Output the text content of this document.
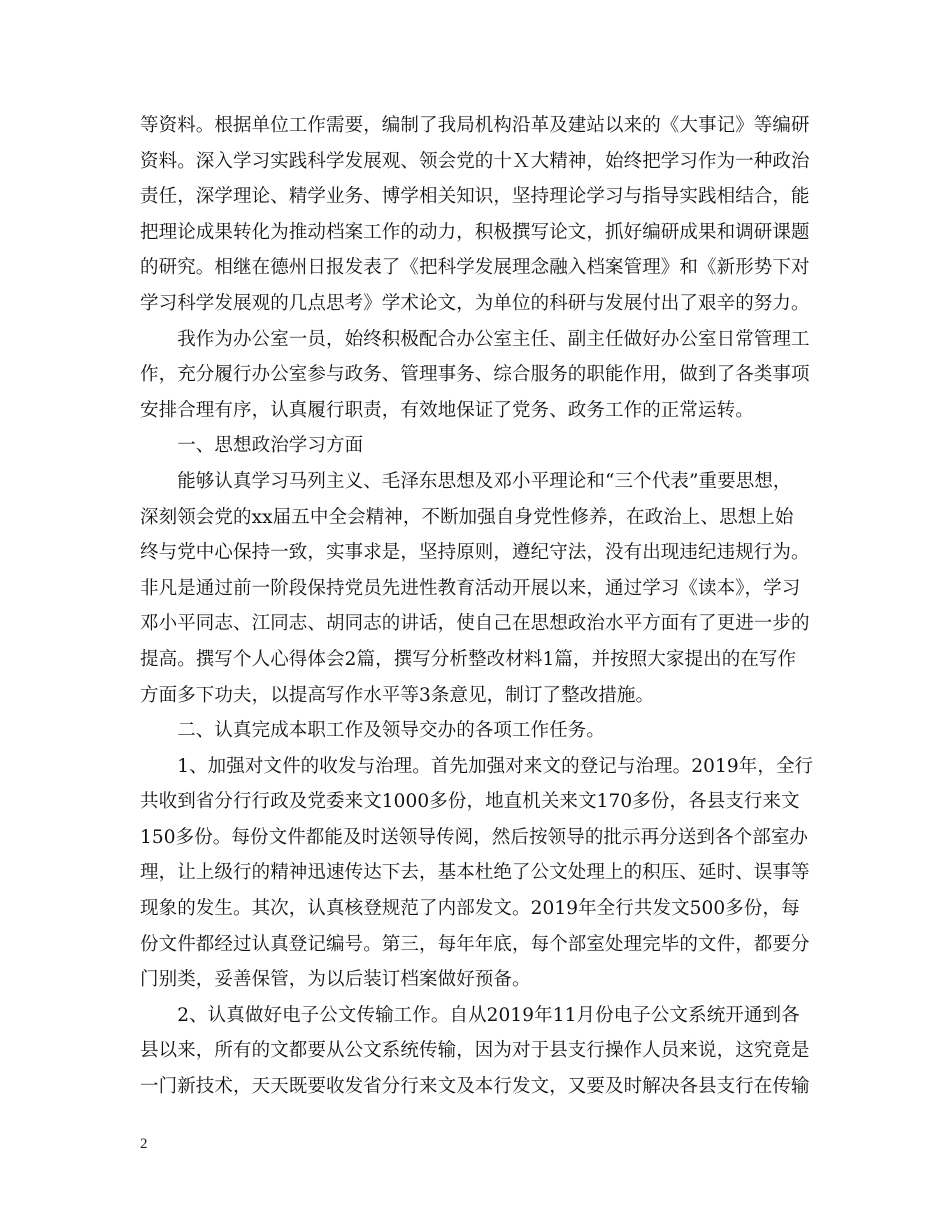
等资料。根据单位工作需要，编制了我局机构沿革及建站以来的《大事记》等编研
资料。深入学习实践科学发展观、领会党的十Ｘ大精神，始终把学习作为一种政治
责任，深学理论、精学业务、博学相关知识，坚持理论学习与指导实践相结合，能
把理论成果转化为推动档案工作的动力，积极撰写论文，抓好编研成果和调研课题
的研究。相继在德州日报发表了《把科学发展理念融入档案管理》和《新形势下对
学习科学发展观的几点思考》学术论文，为单位的科研与发展付出了艰辛的努力。
　　我作为办公室一员，始终积极配合办公室主任、副主任做好办公室日常管理工
作，充分履行办公室参与政务、管理事务、综合服务的职能作用，做到了各类事项
安排合理有序，认真履行职责，有效地保证了党务、政务工作的正常运转。
　　一、思想政治学习方面
　　能够认真学习马列主义、毛泽东思想及邓小平理论和“三个代表”重要思想，
深刻领会党的xx届五中全会精神，不断加强自身党性修养，在政治上、思想上始
终与党中心保持一致，实事求是，坚持原则，遵纪守法，没有出现违纪违规行为。
非凡是通过前一阶段保持党员先进性教育活动开展以来，通过学习《读本》，学习
邓小平同志、江同志、胡同志的讲话，使自己在思想政治水平方面有了更进一步的
提高。撰写个人心得体会2篇，撰写分析整改材料1篇，并按照大家提出的在写作
方面多下功夫，以提高写作水平等3条意见，制订了整改措施。
　　二、认真完成本职工作及领导交办的各项工作任务。
　　1、加强对文件的收发与治理。首先加强对来文的登记与治理。2019年，全行
共收到省分行行政及党委来文1000多份，地直机关来文170多份，各县支行来文
150多份。每份文件都能及时送领导传阅，然后按领导的批示再分送到各个部室办
理，让上级行的精神迅速传达下去，基本杜绝了公文处理上的积压、延时、误事等
现象的发生。其次，认真核登规范了内部发文。2019年全行共发文500多份，每
份文件都经过认真登记编号。第三，每年年底，每个部室处理完毕的文件，都要分
门别类，妥善保管，为以后装订档案做好预备。
　　2、认真做好电子公文传输工作。自从2019年11月份电子公文系统开通到各
县以来，所有的文都要从公文系统传输，因为对于县支行操作人员来说，这究竟是
一门新技术，天天既要收发省分行来文及本行发文，又要及时解决各县支行在传输
2
